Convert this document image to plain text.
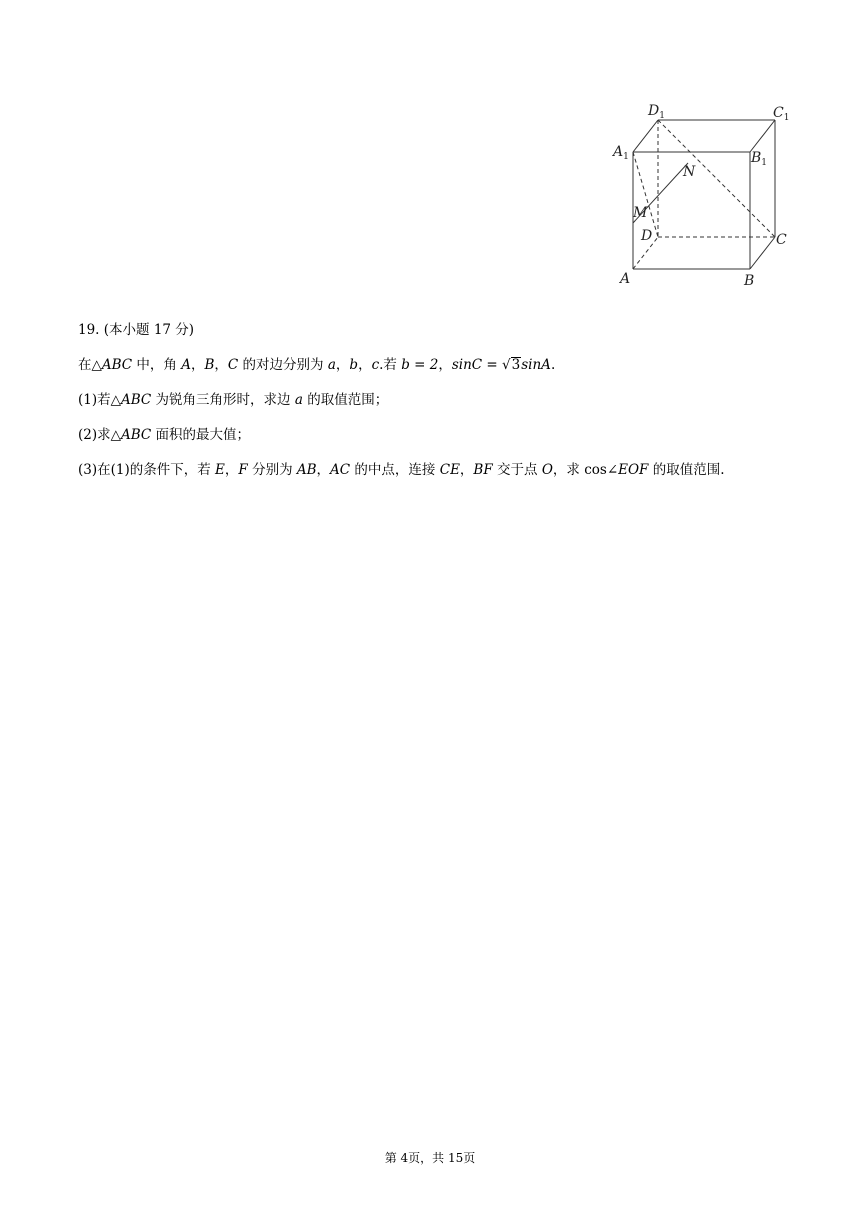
$D_1$	$C_1$
$A_1$	$B_1$
N
M
D	C
A	B
19. (本小题 17 分)
在△ABC 中，角 A，B，C 的对边分别为 a，b，c.若 b = 2，sinC = √3sinA.
(1)若△ABC 为锐角三角形时，求边 a 的取值范围；
(2)求△ABC 面积的最大值；
(3)在(1)的条件下，若 E，F 分别为 AB，AC 的中点，连接 CE，BF 交于点 O，求 cos∠EOF 的取值范围.
第 4页，共 15页
